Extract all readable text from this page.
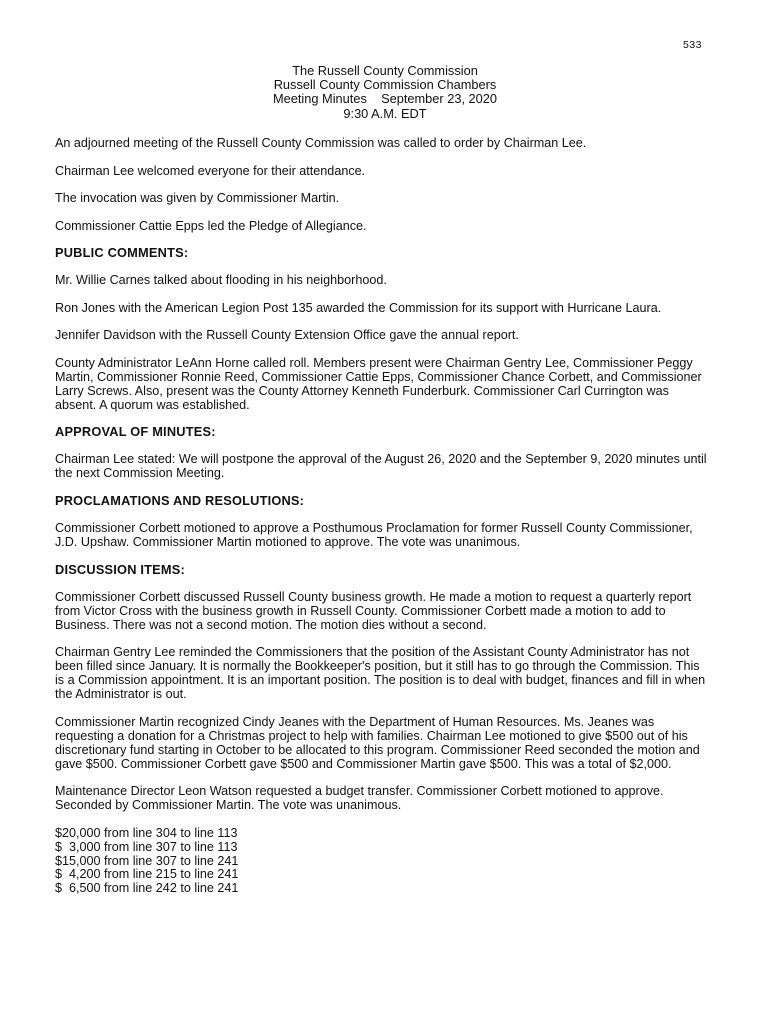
533
The Russell County Commission
Russell County Commission Chambers
Meeting Minutes    September 23, 2020
9:30 A.M. EDT

An adjourned meeting of the Russell County Commission was called to order by Chairman Lee.

Chairman Lee welcomed everyone for their attendance.

The invocation was given by Commissioner Martin.

Commissioner Cattie Epps led the Pledge of Allegiance.

PUBLIC COMMENTS:

Mr. Willie Carnes talked about flooding in his neighborhood.

Ron Jones with the American Legion Post 135 awarded the Commission for its support with Hurricane Laura.

Jennifer Davidson with the Russell County Extension Office gave the annual report.

County Administrator LeAnn Horne called roll. Members present were Chairman Gentry Lee, Commissioner Peggy Martin, Commissioner Ronnie Reed, Commissioner Cattie Epps, Commissioner Chance Corbett, and Commissioner Larry Screws. Also, present was the County Attorney Kenneth Funderburk. Commissioner Carl Currington was absent. A quorum was established.

APPROVAL OF MINUTES:

Chairman Lee stated: We will postpone the approval of the August 26, 2020 and the September 9, 2020 minutes until the next Commission Meeting.

PROCLAMATIONS AND RESOLUTIONS:

Commissioner Corbett motioned to approve a Posthumous Proclamation for former Russell County Commissioner, J.D. Upshaw. Commissioner Martin motioned to approve. The vote was unanimous.

DISCUSSION ITEMS:

Commissioner Corbett discussed Russell County business growth. He made a motion to request a quarterly report from Victor Cross with the business growth in Russell County. Commissioner Corbett made a motion to add to Business. There was not a second motion. The motion dies without a second.

Chairman Gentry Lee reminded the Commissioners that the position of the Assistant County Administrator has not been filled since January. It is normally the Bookkeeper's position, but it still has to go through the Commission. This is a Commission appointment. It is an important position. The position is to deal with budget, finances and fill in when the Administrator is out.

Commissioner Martin recognized Cindy Jeanes with the Department of Human Resources. Ms. Jeanes was requesting a donation for a Christmas project to help with families. Chairman Lee motioned to give $500 out of his discretionary fund starting in October to be allocated to this program. Commissioner Reed seconded the motion and gave $500. Commissioner Corbett gave $500 and Commissioner Martin gave $500. This was a total of $2,000.

Maintenance Director Leon Watson requested a budget transfer. Commissioner Corbett motioned to approve. Seconded by Commissioner Martin. The vote was unanimous.

$20,000 from line 304 to line 113
$  3,000 from line 307 to line 113
$15,000 from line 307 to line 241
$  4,200 from line 215 to line 241
$  6,500 from line 242 to line 241
